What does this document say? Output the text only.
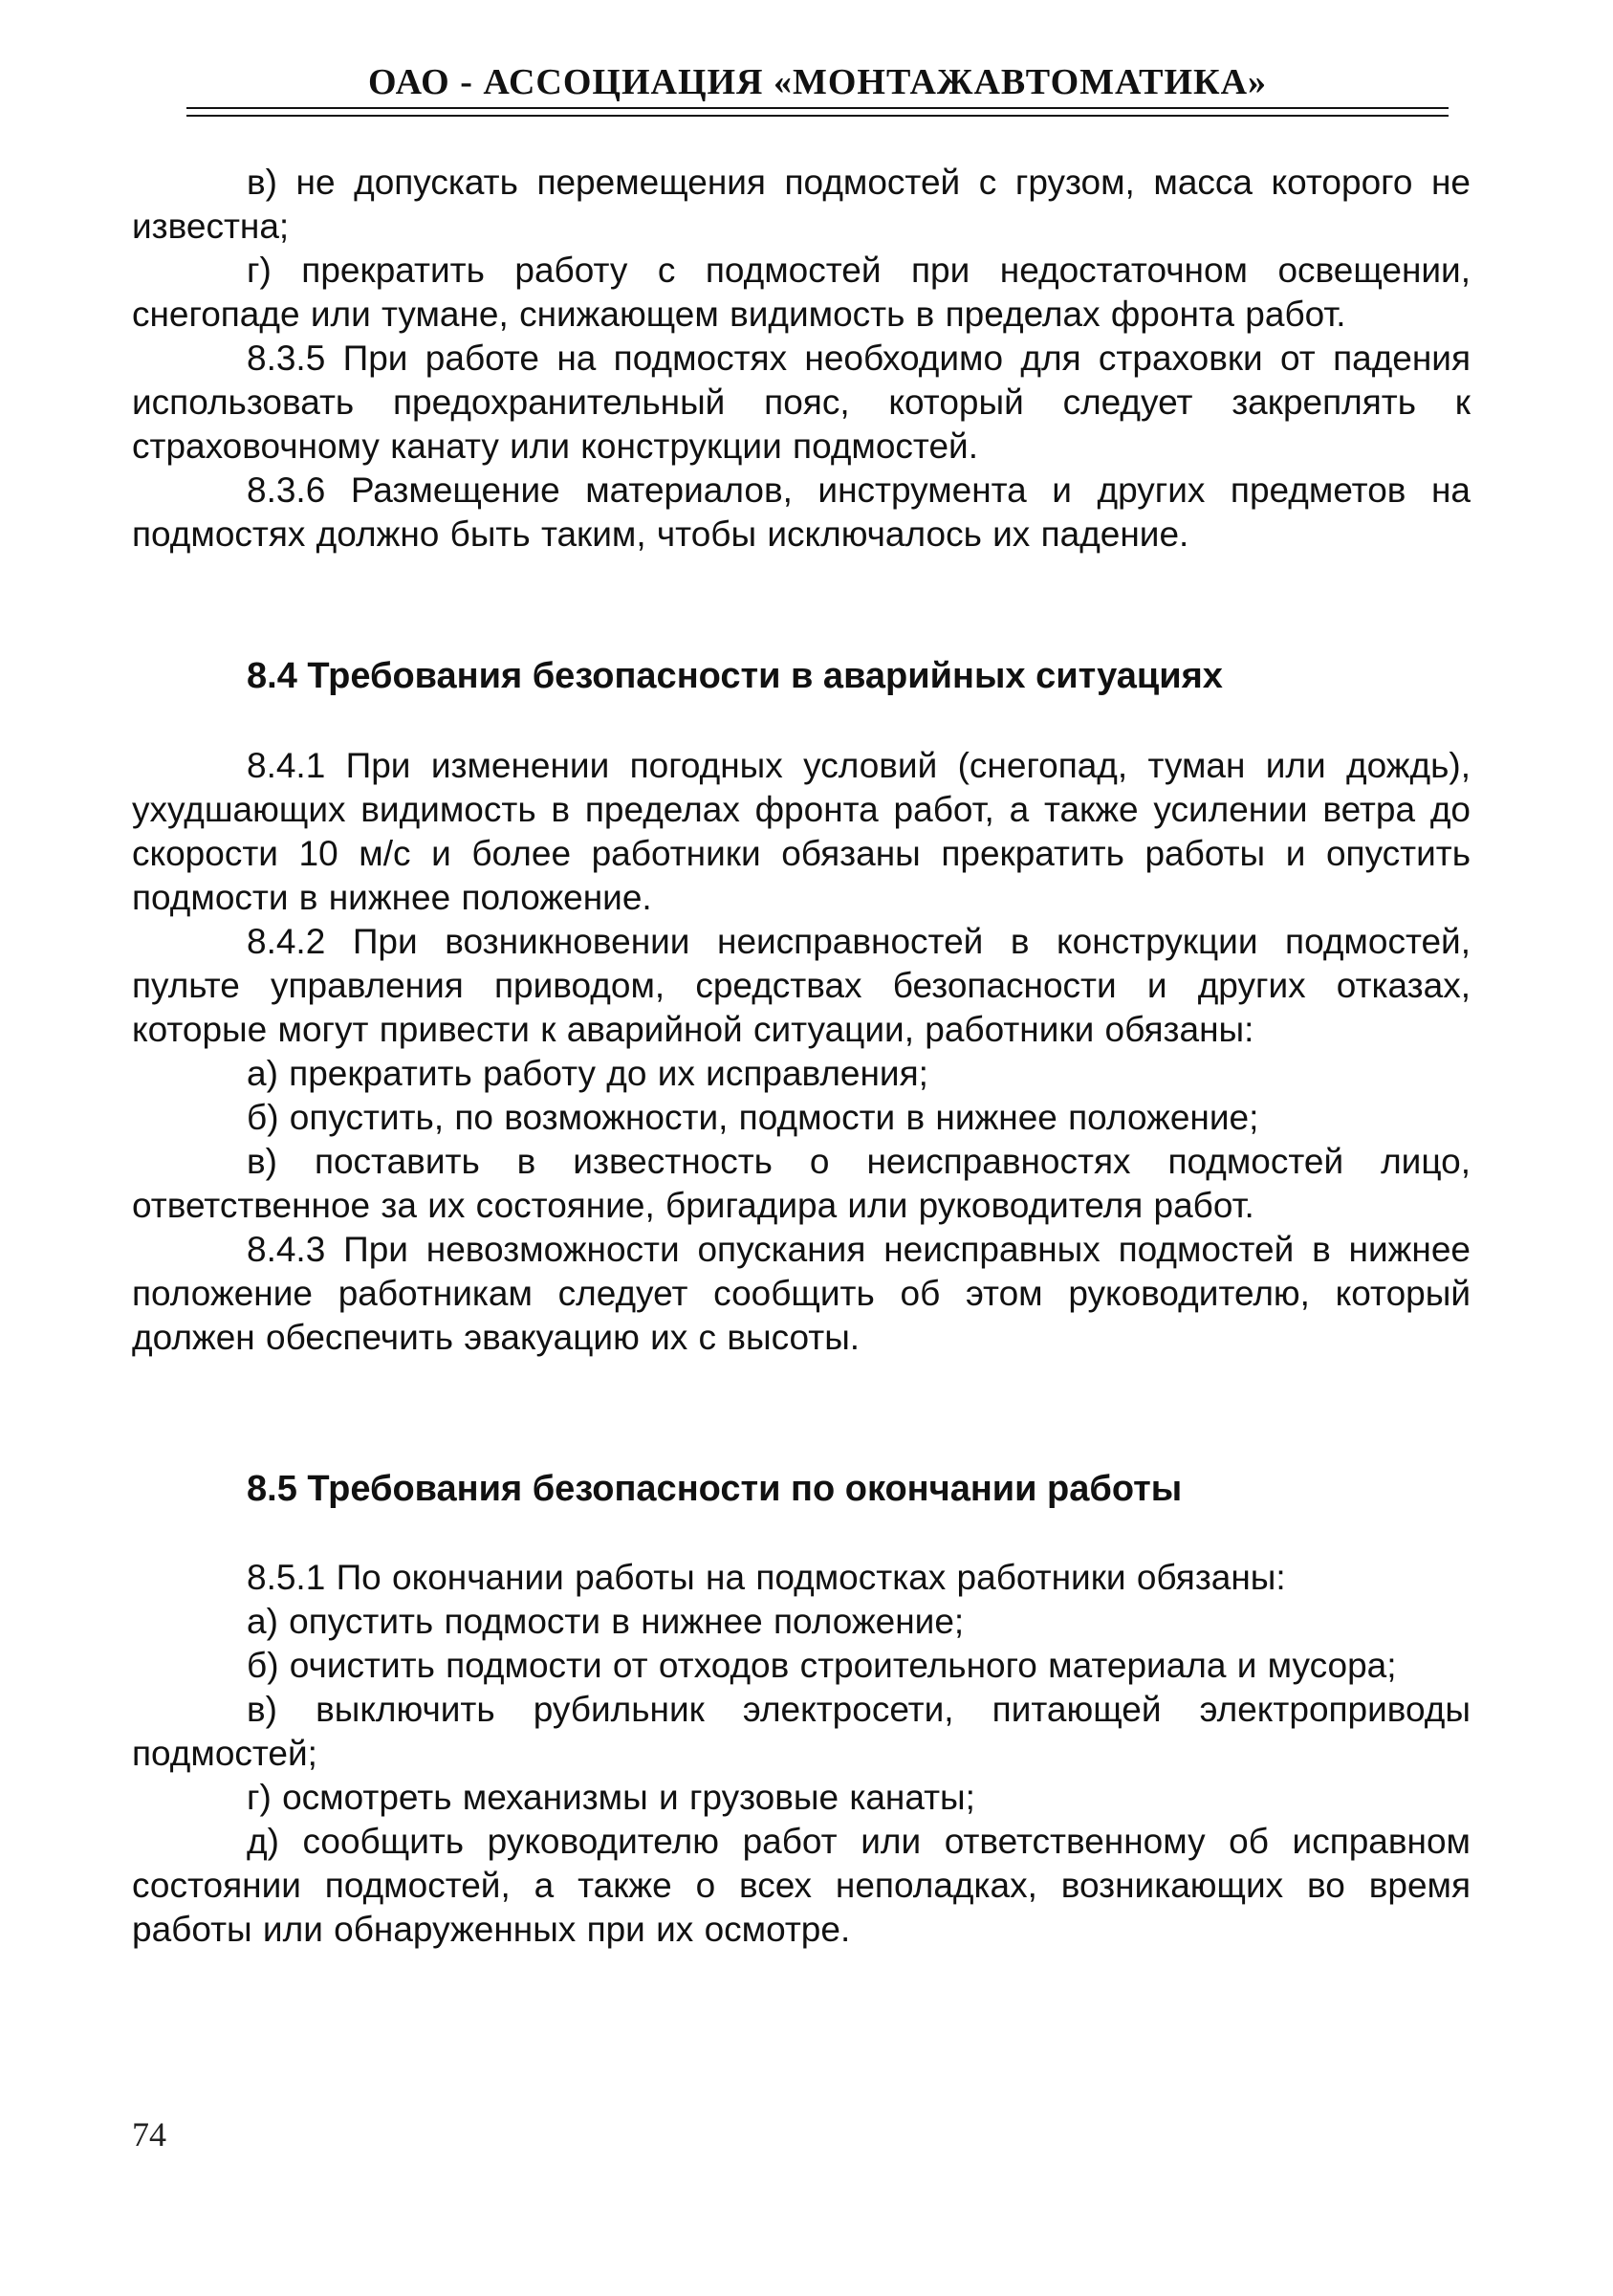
ОАО - АССОЦИАЦИЯ «МОНТАЖАВТОМАТИКА»

в) не допускать перемещения подмостей с грузом, масса которого не известна;

г) прекратить работу с подмостей при недостаточном освещении, снегопаде или тумане, снижающем видимость в пределах фронта работ.

8.3.5 При работе на подмостях необходимо для страховки от падения использовать предохранительный пояс, который следует закреплять к страховочному канату или конструкции подмостей.

8.3.6 Размещение материалов, инструмента и других предметов на подмостях должно быть таким, чтобы исключалось их падение.

8.4 Требования безопасности в аварийных ситуациях

8.4.1 При изменении погодных условий (снегопад, туман или дождь), ухудшающих видимость в пределах фронта работ, а также усилении ветра до скорости 10 м/с и более работники обязаны прекратить работы и опустить подмости в нижнее положение.

8.4.2 При возникновении неисправностей в конструкции подмостей, пульте управления приводом, средствах безопасности и других отказах, которые могут привести к аварийной ситуации, работники обязаны:

а) прекратить работу до их исправления;

б) опустить, по возможности, подмости в нижнее положение;

в) поставить в известность о неисправностях подмостей лицо, ответственное за их состояние, бригадира или руководителя работ.

8.4.3 При невозможности опускания неисправных подмостей в нижнее положение работникам следует сообщить об этом руководителю, который должен обеспечить эвакуацию их с высоты.

8.5 Требования безопасности по окончании работы

8.5.1 По окончании работы на подмостках работники обязаны:

а) опустить подмости в нижнее положение;

б) очистить подмости от отходов строительного материала и мусора;

в) выключить рубильник электросети, питающей электроприводы подмостей;

г) осмотреть механизмы и грузовые канаты;

д) сообщить руководителю работ или ответственному об исправном состоянии подмостей, а также о всех неполадках, возникающих во время работы или обнаруженных при их осмотре.

74
